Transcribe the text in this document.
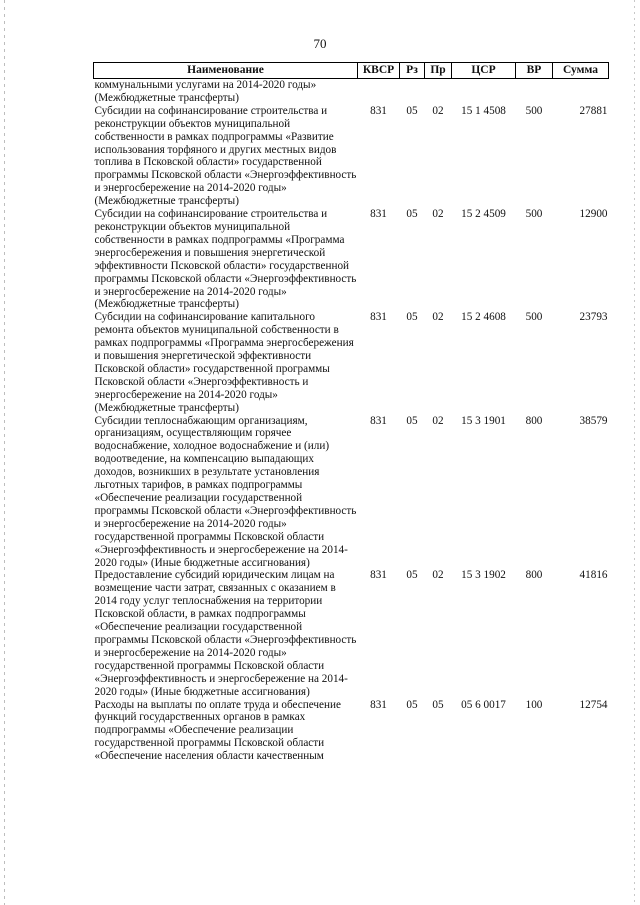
70
Наименование	КВСР	Рз	Пр	ЦСР	ВР	Сумма

коммунальными услугами на 2014-2020 годы»
(Межбюджетные трансферты)						

Субсидии на софинансирование строительства и реконструкции объектов муниципальной собственности в рамках подпрограммы «Развитие использования торфяного и других местных видов топлива в Псковской области» государственной программы Псковской области «Энергоэффективность и энергосбережение на 2014-2020 годы» (Межбюджетные трансферты)	831	05	02	15 1 4508	500	27881
Субсидии на софинансирование строительства и реконструкции объектов муниципальной собственности в рамках подпрограммы «Программа энергосбережения и повышения энергетической эффективности Псковской области» государственной программы Псковской области «Энергоэффективность и энергосбережение на 2014-2020 годы» (Межбюджетные трансферты)	831	05	02	15 2 4509	500	12900
Субсидии на софинансирование капитального ремонта объектов муниципальной собственности в рамках подпрограммы «Программа энергосбережения и повышения энергетической эффективности Псковской области» государственной программы Псковской области «Энергоэффективность и энергосбережение на 2014-2020 годы» (Межбюджетные трансферты)	831	05	02	15 2 4608	500	23793
Субсидии теплоснабжающим организациям, организациям, осуществляющим горячее водоснабжение, холодное водоснабжение и (или) водоотведение, на компенсацию выпадающих доходов, возникших в результате установления льготных тарифов, в рамках подпрограммы «Обеспечение реализации государственной программы Псковской области «Энергоэффективность и энергосбережение на 2014-2020 годы» государственной программы Псковской области «Энергоэффективность и энергосбережение на 2014-2020 годы» (Иные бюджетные ассигнования)	831	05	02	15 3 1901	800	38579
Предоставление субсидий юридическим лицам на возмещение части затрат, связанных с оказанием в 2014 году услуг теплоснабжения на территории Псковской области, в рамках подпрограммы «Обеспечение реализации государственной программы Псковской области «Энергоэффективность и энергосбережение на 2014-2020 годы» государственной программы Псковской области «Энергоэффективность и энергосбережение на 2014-2020 годы» (Иные бюджетные ассигнования)	831	05	02	15 3 1902	800	41816
Расходы на выплаты по оплате труда и обеспечение функций государственных органов в рамках подпрограммы «Обеспечение реализации государственной программы Псковской области «Обеспечение населения области качественным	831	05	05	05 6 0017	100	12754
